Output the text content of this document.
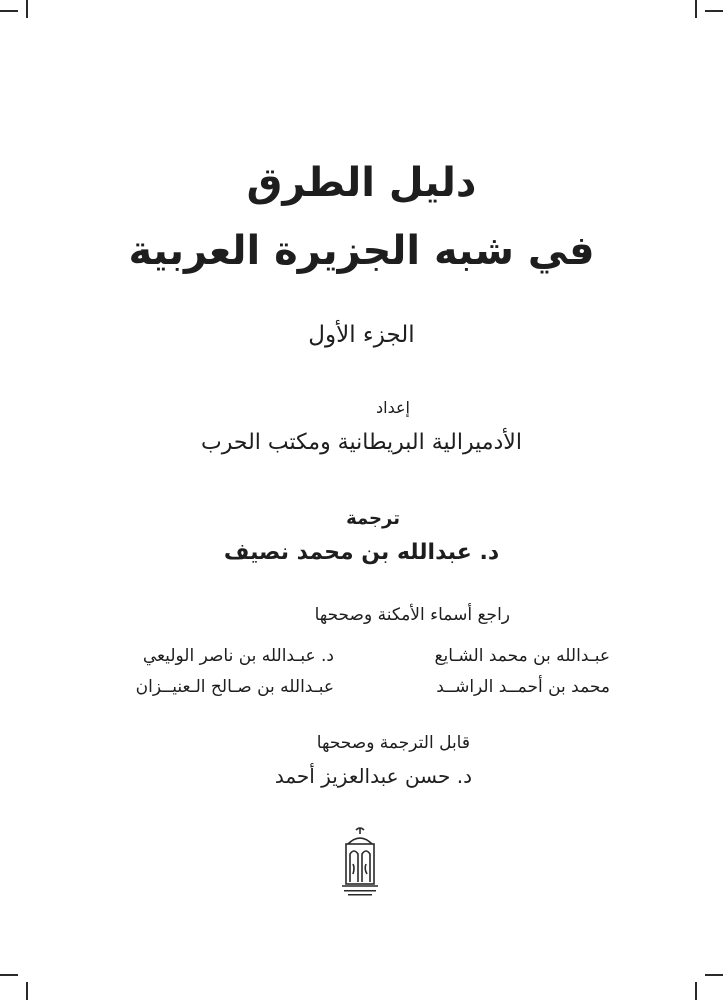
دليل الطرق
في شبه الجزيرة العربية
الجزء الأول
إعداد
الأدميرالية البريطانية ومكتب الحرب
ترجمة
د. عبدالله بن محمد نصيف
راجع أسماء الأمكنة وصححها
عبـدالله بن محمد الشـايع
د. عبـدالله بن ناصر الوليعي
محمد بن أحمــد الراشــد
عبـدالله بن صـالح الـعنيــزان
قابل الترجمة وصححها
د. حسن عبدالعزيز أحمد
